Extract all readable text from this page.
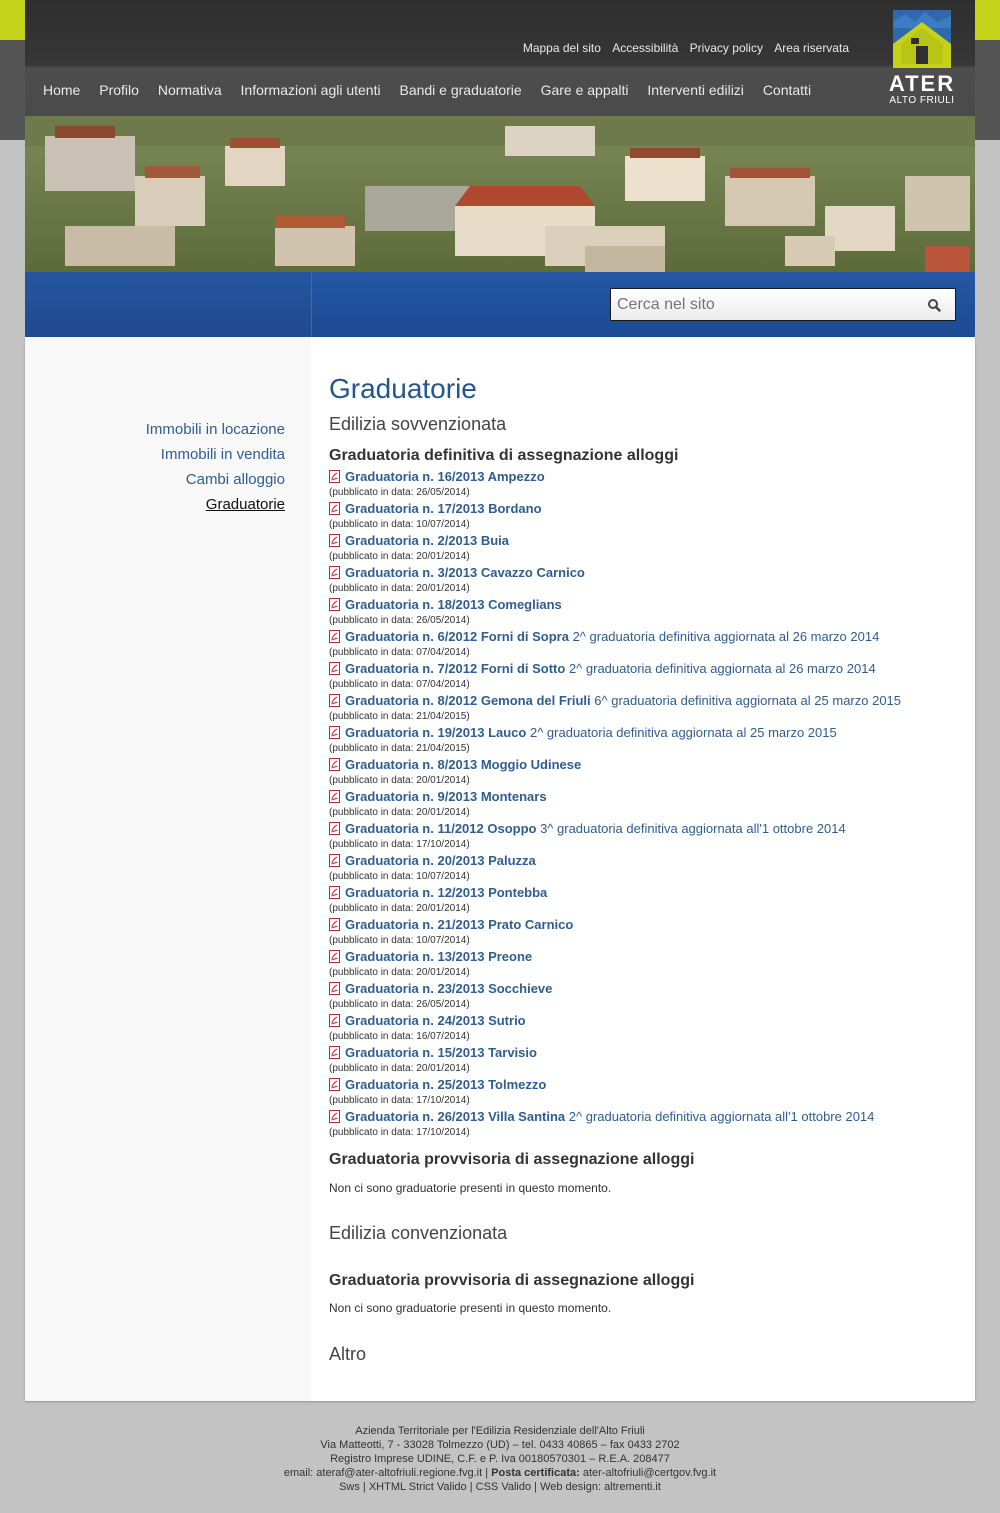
Mappa del sito Accessibilità Privacy policy Area riservata
Home Profilo Normativa Informazioni agli utenti Bandi e graduatorie Gare e appalti Interventi edilizi Contatti	ATER
ALTO FRIULI
Cerca nel sito
Immobili in locazione
Immobili in vendita
Cambi alloggio
Graduatorie
Graduatorie
Edilizia sovvenzionata
Graduatoria definitiva di assegnazione alloggi
Graduatoria n. 16/2013 Ampezzo
(pubblicato in data: 26/05/2014)
Graduatoria n. 17/2013 Bordano
(pubblicato in data: 10/07/2014)
Graduatoria n. 2/2013 Buia
(pubblicato in data: 20/01/2014)
Graduatoria n. 3/2013 Cavazzo Carnico
(pubblicato in data: 20/01/2014)
Graduatoria n. 18/2013 Comeglians
(pubblicato in data: 26/05/2014)
Graduatoria n. 6/2012 Forni di Sopra 2^ graduatoria definitiva aggiornata al 26 marzo 2014
(pubblicato in data: 07/04/2014)
Graduatoria n. 7/2012 Forni di Sotto 2^ graduatoria definitiva aggiornata al 26 marzo 2014
(pubblicato in data: 07/04/2014)
Graduatoria n. 8/2012 Gemona del Friuli 6^ graduatoria definitiva aggiornata al 25 marzo 2015
(pubblicato in data: 21/04/2015)
Graduatoria n. 19/2013 Lauco 2^ graduatoria definitiva aggiornata al 25 marzo 2015
(pubblicato in data: 21/04/2015)
Graduatoria n. 8/2013 Moggio Udinese
(pubblicato in data: 20/01/2014)
Graduatoria n. 9/2013 Montenars
(pubblicato in data: 20/01/2014)
Graduatoria n. 11/2012 Osoppo 3^ graduatoria definitiva aggiornata all'1 ottobre 2014
(pubblicato in data: 17/10/2014)
Graduatoria n. 20/2013 Paluzza
(pubblicato in data: 10/07/2014)
Graduatoria n. 12/2013 Pontebba
(pubblicato in data: 20/01/2014)
Graduatoria n. 21/2013 Prato Carnico
(pubblicato in data: 10/07/2014)
Graduatoria n. 13/2013 Preone
(pubblicato in data: 20/01/2014)
Graduatoria n. 23/2013 Socchieve
(pubblicato in data: 26/05/2014)
Graduatoria n. 24/2013 Sutrio
(pubblicato in data: 16/07/2014)
Graduatoria n. 15/2013 Tarvisio
(pubblicato in data: 20/01/2014)
Graduatoria n. 25/2013 Tolmezzo
(pubblicato in data: 17/10/2014)
Graduatoria n. 26/2013 Villa Santina 2^ graduatoria definitiva aggiornata all'1 ottobre 2014
(pubblicato in data: 17/10/2014)
Graduatoria provvisoria di assegnazione alloggi
Non ci sono graduatorie presenti in questo momento.
Edilizia convenzionata
Graduatoria provvisoria di assegnazione alloggi
Non ci sono graduatorie presenti in questo momento.
Altro
Azienda Territoriale per l'Edilizia Residenziale dell'Alto Friuli
Via Matteotti, 7 - 33028 Tolmezzo (UD) – tel. 0433 40865 – fax 0433 2702
Registro Imprese UDINE, C.F. e P. Iva 00180570301 – R.E.A. 208477
email: ateraf@ater-altofriuli.regione.fvg.it | Posta certificata: ater-altofriuli@certgov.fvg.it
Sws | XHTML Strict Valido | CSS Valido | Web design: altrementi.it
